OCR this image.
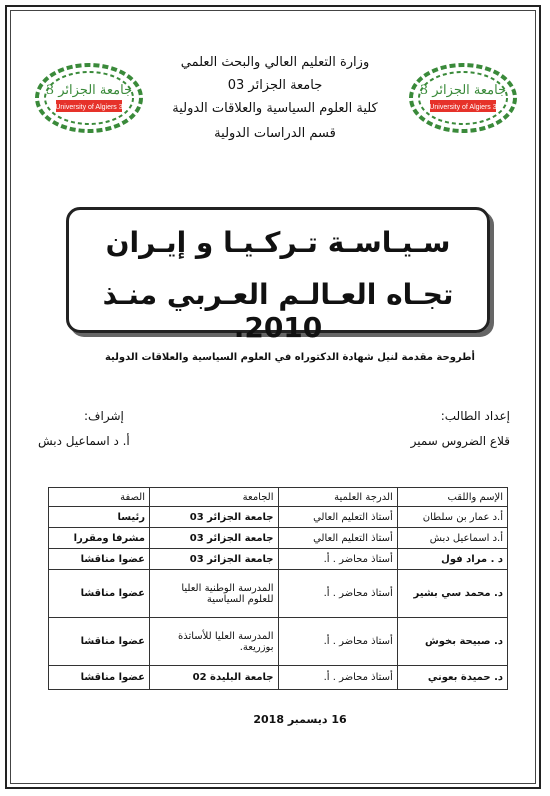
جامعة الجزائر 3
University of Algiers 3
جامعة الجزائر 3
University of Algiers 3
وزارة التعليم العالي والبحث العلمي
جامعة الجزائر 03
كلية العلوم السياسية والعلاقات الدولية
قسم الدراسات الدولية
سـيـاسـة تـركـيـا و إيـران
تجـاه العـالـم العـربي منـذ 2010.
أطروحة مقدمة لنيل شهادة الدكتوراه في العلوم السياسية والعلاقات الدولية
إعداد الطالب:
قلاع الضروس سمير
إشراف:
أ. د اسماعيل دبش
الإسم واللقب	الدرجة العلمية	الجامعة	الصفة
أ.د عمار بن سلطان	أستاذ التعليم العالي	جامعة الجزائر 03	رئيسا
أ.د اسماعيل دبش	أستاذ التعليم العالي	جامعة الجزائر 03	مشرفا ومقررا
د . مراد فول	أستاذ محاضر . أ.	جامعة الجزائر 03	عضوا مناقشا
د. محمد سي بشير	أستاذ محاضر . أ.	المدرسة الوطنية العليا للعلوم السياسية	عضوا مناقشا
د. صبيحة بخوش	أستاذ محاضر . أ.	المدرسة العليا للأساتذة بوزريعة.	عضوا مناقشا
د. حميدة بعوني	أستاذ محاضر . أ.	جامعة البليدة 02	عضوا مناقشا
16 ديسمبر 2018
